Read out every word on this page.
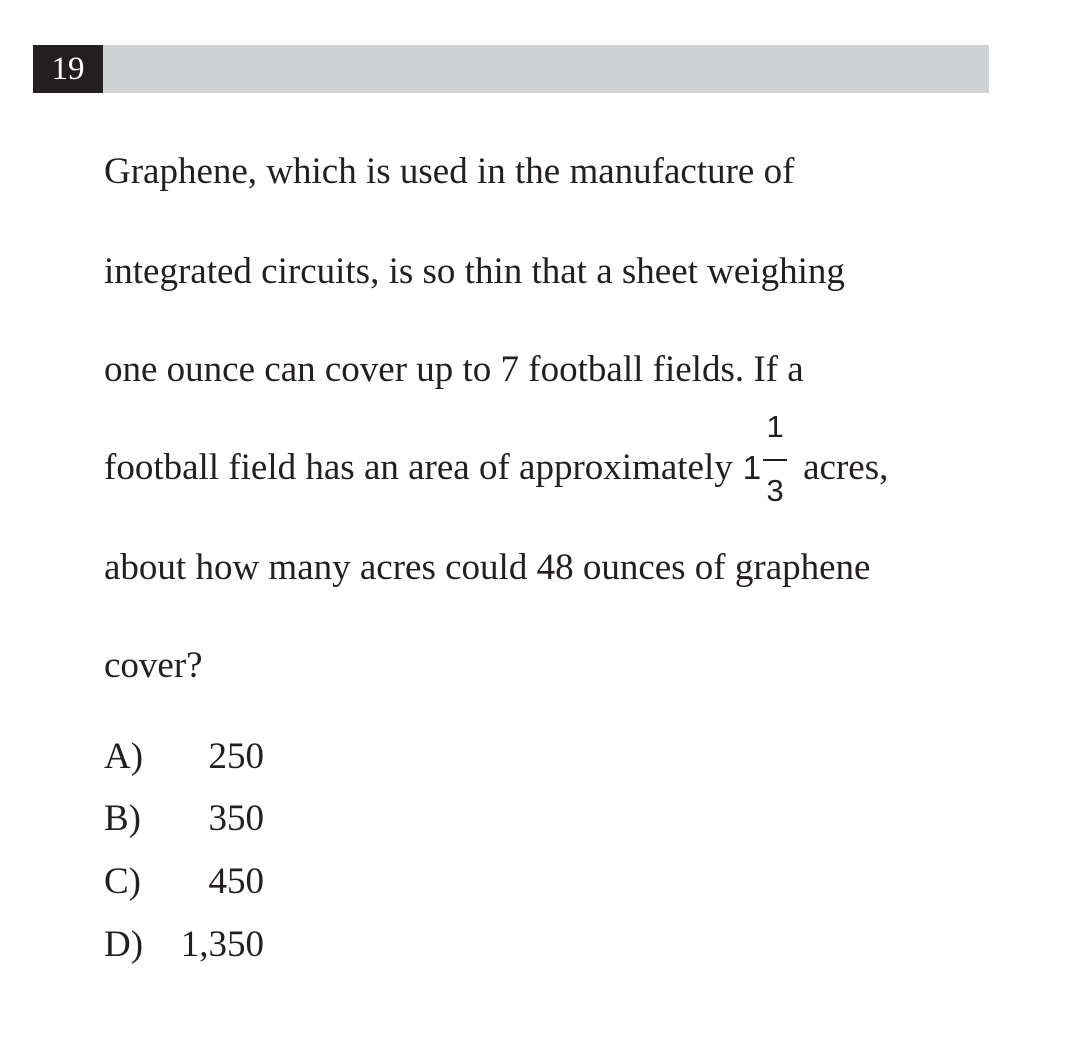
19
Graphene, which is used in the manufacture of
integrated circuits, is so thin that a sheet weighing
one ounce can cover up to 7 football fields. If a
football field has an area of approximately $1 \frac{1}{3}$ acres,
about how many acres could 48 ounces of graphene
cover?
A)	250
B)	350
C)	450
D)	1,350
